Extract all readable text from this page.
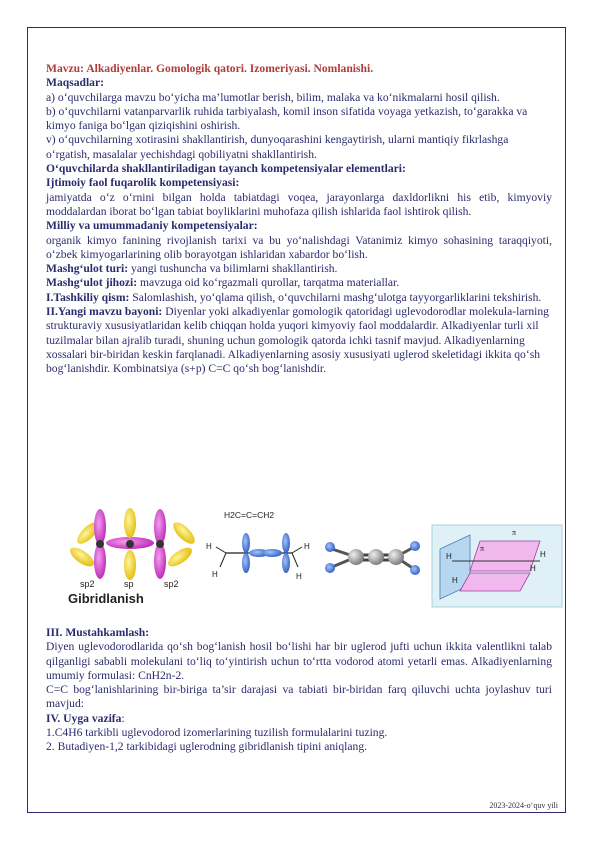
Mavzu: Alkadiyenlar. Gomologik qatori. Izomeriyasi. Nomlanishi.

Maqsadlar:

a) o‘quvchilarga mavzu bo‘yicha ma’lumotlar berish, bilim, malaka va ko‘nikmalarni hosil qilish.

b) o‘quvchilarni vatanparvarlik ruhida tarbiyalash, komil inson sifatida voyaga yetkazish, to‘garakka va kimyo faniga bo‘lgan qiziqishini oshirish.

v) o‘quvchilarning xotirasini shakllantirish, dunyoqarashini kengaytirish, ularni mantiqiy fikrlashga o‘rgatish, masalalar yechishdagi qobiliyatni shakllantirish.

O‘quvchilarda shakllantiriladigan tayanch kompetensiyalar elementlari:

Ijtimoiy faol fuqarolik kompetensiyasi:

jamiyatda o‘z o‘rnini bilgan holda tabiatdagi voqea, jarayonlarga daxldorlikni his etib, kimyoviy moddalardan iborat bo‘lgan tabiat boyliklarini muhofaza qilish ishlarida faol ishtirok qilish.

Milliy va umummadaniy kompetensiyalar:

organik kimyo fanining rivojlanish tarixi va bu yo‘nalishdagi Vatanimiz kimyo sohasining taraqqiyoti, o‘zbek kimyogarlarining olib borayotgan ishlaridan xabardor bo‘lish.

Mashg‘ulot turi: yangi tushuncha va bilimlarni shakllantirish.

Mashg‘ulot jihozi: mavzuga oid ko‘rgazmali qurollar, tarqatma materiallar.

I.Tashkiliy qism: Salomlashish, yo‘qlama qilish, o‘quvchilarni mashg‘ulotga tayyorgarliklarini tekshirish.

II.Yangi mavzu bayoni: Diyenlar yoki alkadiyenlar gomologik qatoridagi uglevodorodlar molekula-larning strukturaviy xususiyatlaridan kelib chiqqan holda yuqori kimyoviy faol moddalardir. Alkadiyenlar turli xil tuzilmalar bilan ajralib turadi, shuning uchun gomologik qatorda ichki tasnif mavjud. Alkadiyenlarning xossalari bir-biridan keskin farqlanadi. Alkadiyenlarning asosiy xususiyati uglerod skeletidagi ikkita qo‘sh bog‘lanishdir. Kombinatsiya (s+p) C=C qo‘sh bog‘lanishdir.

sp2	sp	sp2
H2C=C=CH2
H
H
H
H
H
H
H
H
π
π
Gibridlanish

III. Mustahkamlash:

Diyen uglevodorodlarida qo‘sh bog‘lanish hosil bo‘lishi har bir uglerod jufti uchun ikkita valentlikni talab qilganligi sababli molekulani to‘liq to‘yintirish uchun to‘rtta vodorod atomi yetarli emas. Alkadiyenlarning umumiy formulasi: CnH2n-2.

C=C bog‘lanishlarining bir-biriga ta’sir darajasi va tabiati bir-biridan farq qiluvchi uchta joylashuv turi mavjud:

IV. Uyga vazifa:

1.C4H6 tarkibli uglevodorod izomerlarining tuzilish formulalarini tuzing.

2. Butadiyen-1,2 tarkibidagi uglerodning gibridlanish tipini aniqlang.

2023-2024-o‘quv yili
